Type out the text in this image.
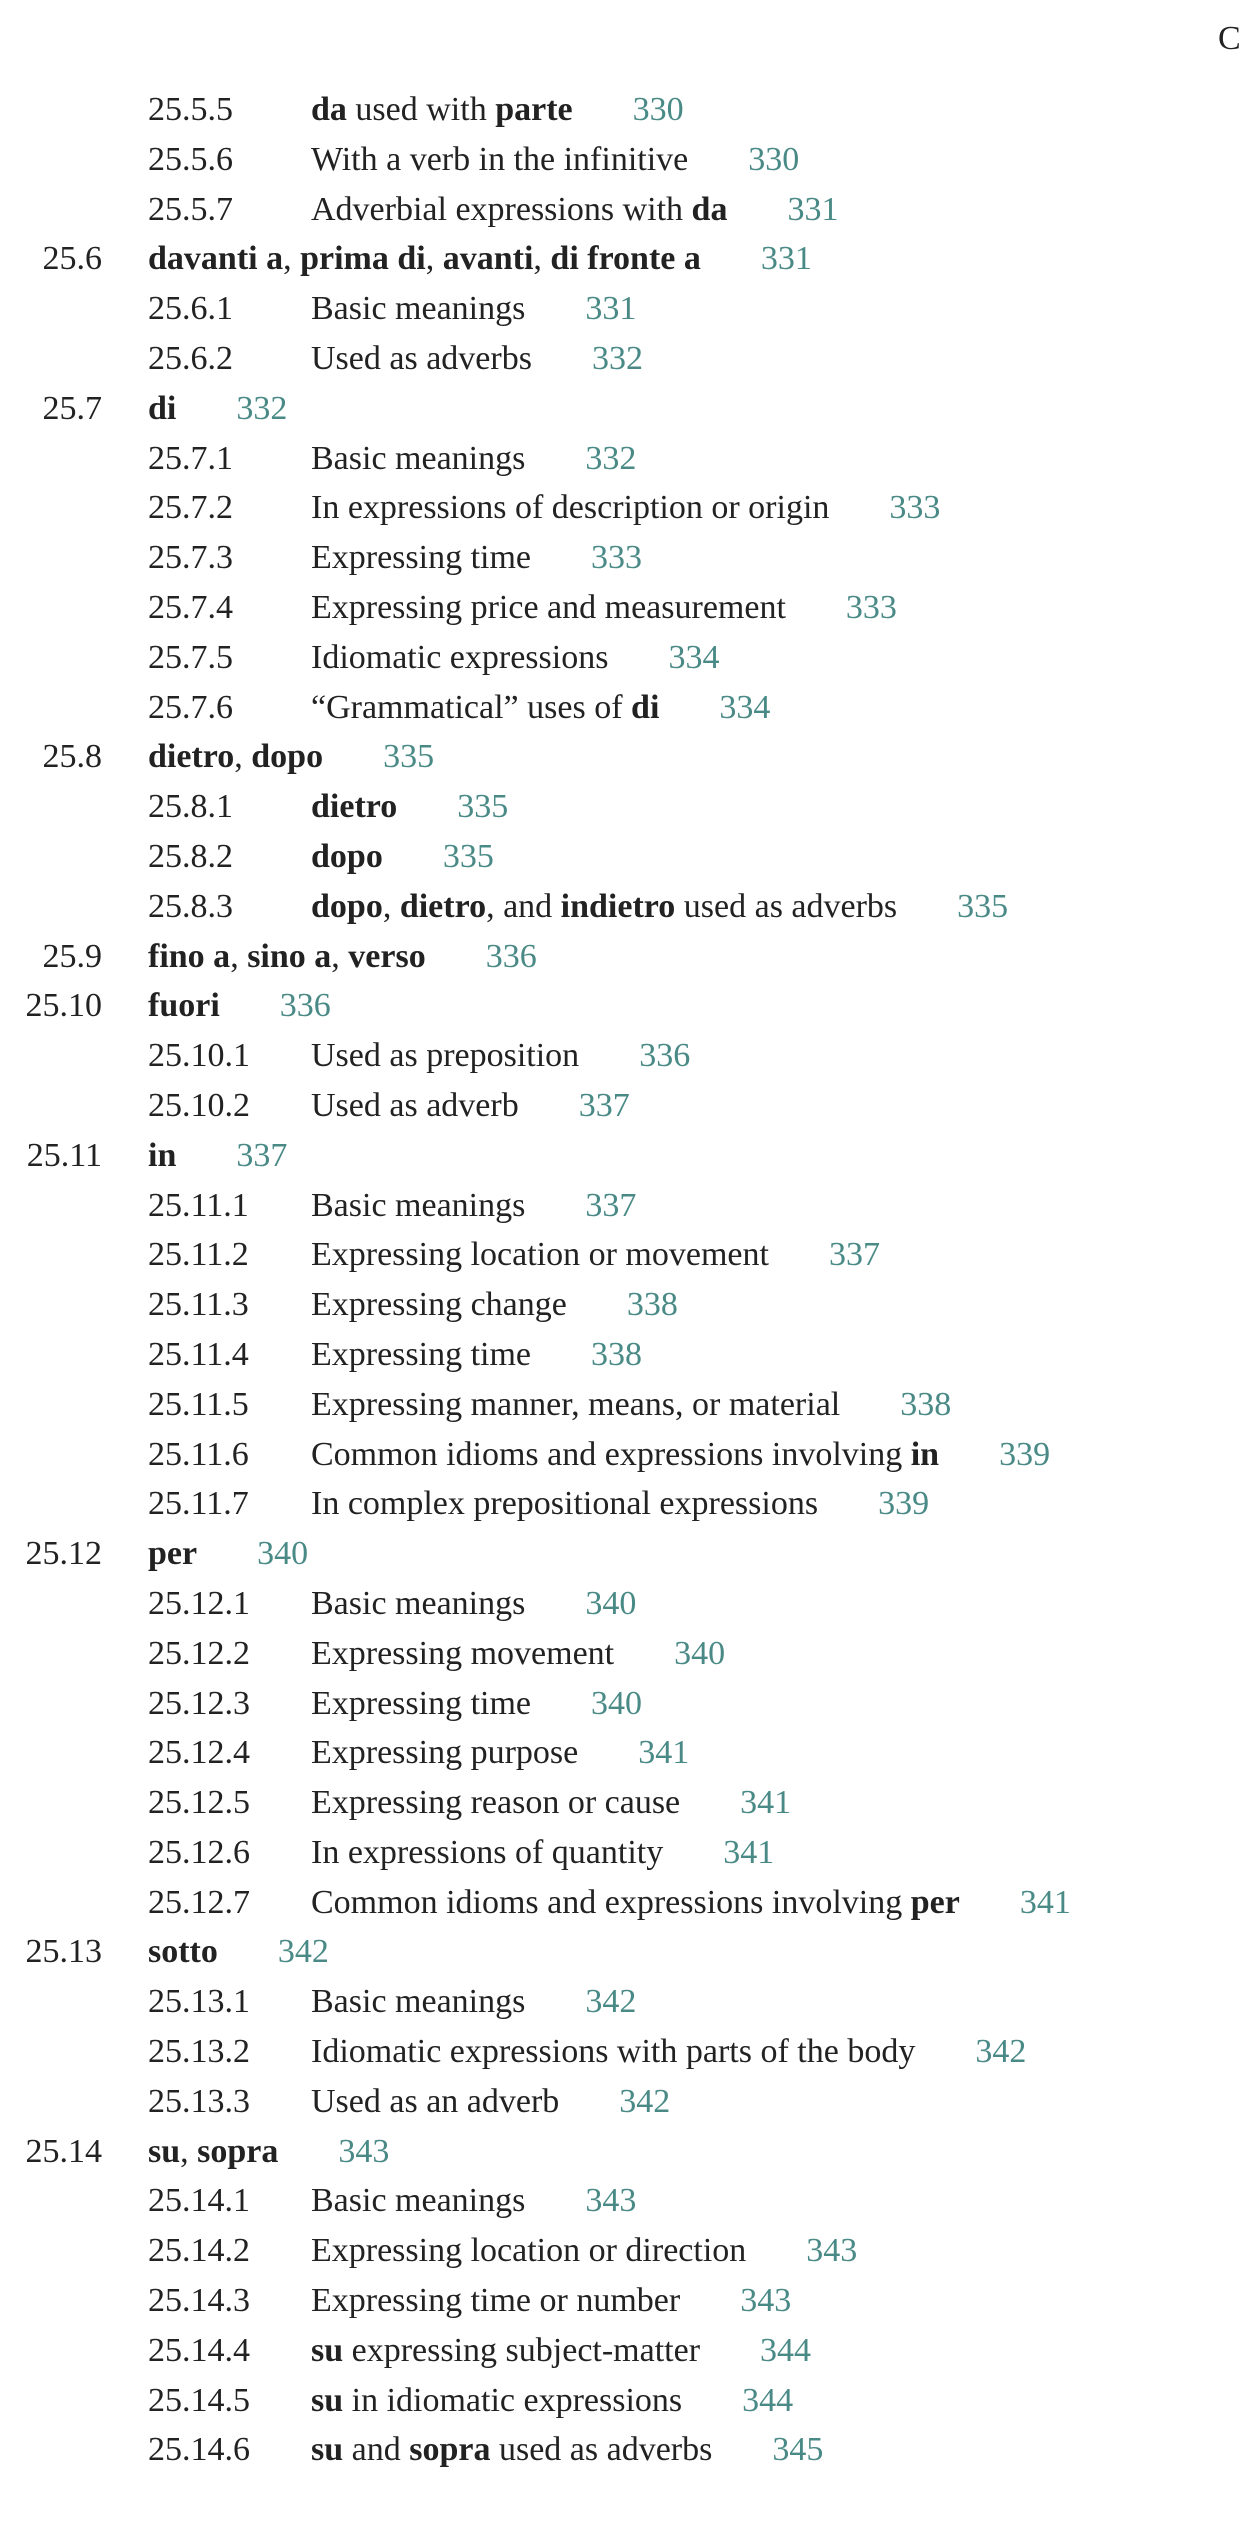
C
25.5.5 da used with parte 330
25.5.6 With a verb in the infinitive 330
25.5.7 Adverbial expressions with da 331
25.6 davanti a, prima di, avanti, di fronte a 331
25.6.1 Basic meanings 331
25.6.2 Used as adverbs 332
25.7 di 332
25.7.1 Basic meanings 332
25.7.2 In expressions of description or origin 333
25.7.3 Expressing time 333
25.7.4 Expressing price and measurement 333
25.7.5 Idiomatic expressions 334
25.7.6 “Grammatical” uses of di 334
25.8 dietro, dopo 335
25.8.1 dietro 335
25.8.2 dopo 335
25.8.3 dopo, dietro, and indietro used as adverbs 335
25.9 fino a, sino a, verso 336
25.10 fuori 336
25.10.1 Used as preposition 336
25.10.2 Used as adverb 337
25.11 in 337
25.11.1 Basic meanings 337
25.11.2 Expressing location or movement 337
25.11.3 Expressing change 338
25.11.4 Expressing time 338
25.11.5 Expressing manner, means, or material 338
25.11.6 Common idioms and expressions involving in 339
25.11.7 In complex prepositional expressions 339
25.12 per 340
25.12.1 Basic meanings 340
25.12.2 Expressing movement 340
25.12.3 Expressing time 340
25.12.4 Expressing purpose 341
25.12.5 Expressing reason or cause 341
25.12.6 In expressions of quantity 341
25.12.7 Common idioms and expressions involving per 341
25.13 sotto 342
25.13.1 Basic meanings 342
25.13.2 Idiomatic expressions with parts of the body 342
25.13.3 Used as an adverb 342
25.14 su, sopra 343
25.14.1 Basic meanings 343
25.14.2 Expressing location or direction 343
25.14.3 Expressing time or number 343
25.14.4 su expressing subject-matter 344
25.14.5 su in idiomatic expressions 344
25.14.6 su and sopra used as adverbs 345
